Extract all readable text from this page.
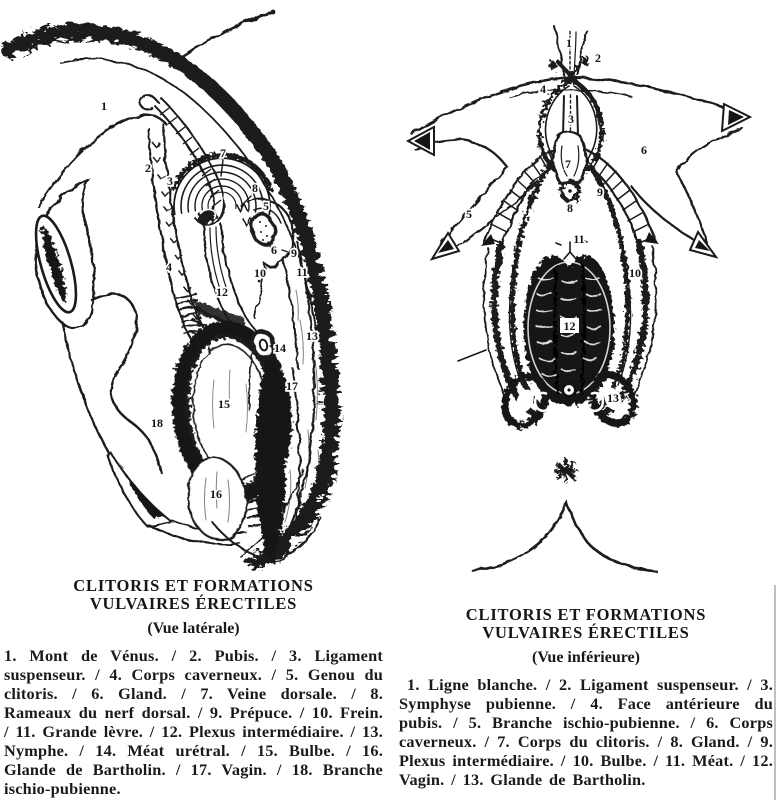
1
2
3
4
5
6
7
8
9
10	11
12
13
14
15
16
17
18
1
2
3
4
5
6
7
8
9
10
11
12
13
CLITORIS ET FORMATIONS
VULVAIRES ÉRECTILES
(Vue latérale)
1. Mont de Vénus. / 2. Pubis. / 3. Ligament suspenseur. / 4. Corps caverneux. / 5. Genou du clitoris. / 6. Gland. / 7. Veine dorsale. / 8. Rameaux du nerf dorsal. / 9. Prépuce. / 10. Frein. / 11. Grande lèvre. / 12. Plexus intermédiaire. / 13. Nymphe. / 14. Méat urétral. / 15. Bulbe. / 16. Glande de Bartholin. / 17. Vagin. / 18. Branche ischio-pubienne.
CLITORIS ET FORMATIONS
VULVAIRES ÉRECTILES
(Vue inférieure)
1. Ligne blanche. / 2. Ligament suspenseur. / 3. Symphyse pubienne. / 4. Face antérieure du pubis. / 5. Branche ischio-pubienne. / 6. Corps caverneux. / 7. Corps du clitoris. / 8. Gland. / 9. Plexus intermédiaire. / 10. Bulbe. / 11. Méat. / 12. Vagin. / 13. Glande de Bartholin.
